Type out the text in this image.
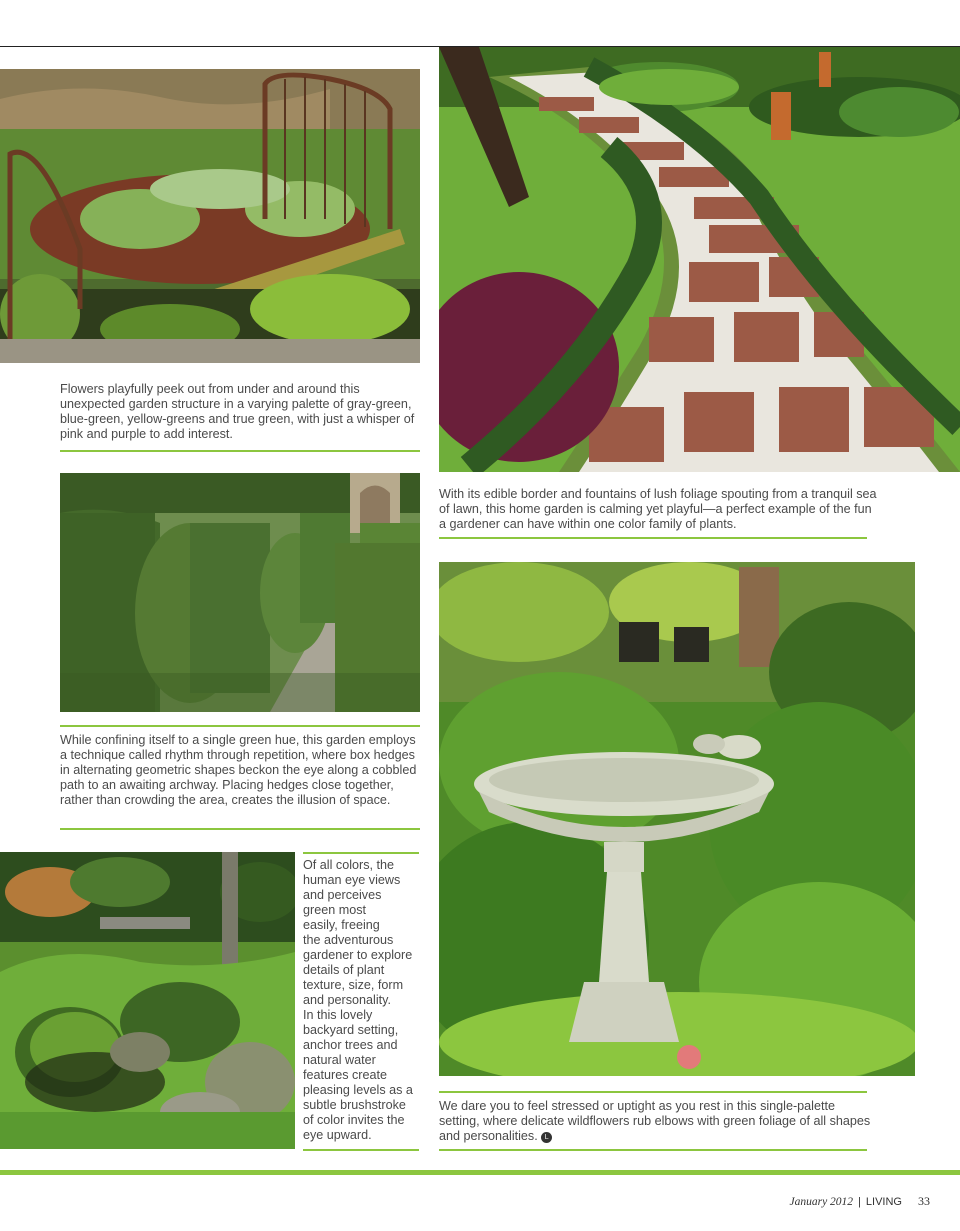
Flowers playfully peek out from under and around this unexpected garden structure in a varying palette of gray-green, blue-green, yellow-greens and true green, with just a whisper of pink and purple to add interest.
With its edible border and fountains of lush foliage spouting from a tranquil sea of lawn, this home garden is calming yet playful—a perfect example of the fun a gardener can have within one color family of plants.
While confining itself to a single green hue, this garden employs a technique called rhythm through repetition, where box hedges in alternating geometric shapes beckon the eye along a cobbled path to an awaiting archway. Placing hedges close together, rather than crowding the area, creates the illusion of space.
Of all colors, the
human eye views
and perceives
green most
easily, freeing
the adventurous
gardener to explore
details of plant
texture, size, form
and personality.
In this lovely
backyard setting,
anchor trees and
natural water
features create
pleasing levels as a
subtle brushstroke
of color invites the
eye upward.
We dare you to feel stressed or uptight as you rest in this single-palette setting, where delicate wildflowers rub elbows with green foliage of all shapes and personalities. L
January 2012 | LIVING 33
